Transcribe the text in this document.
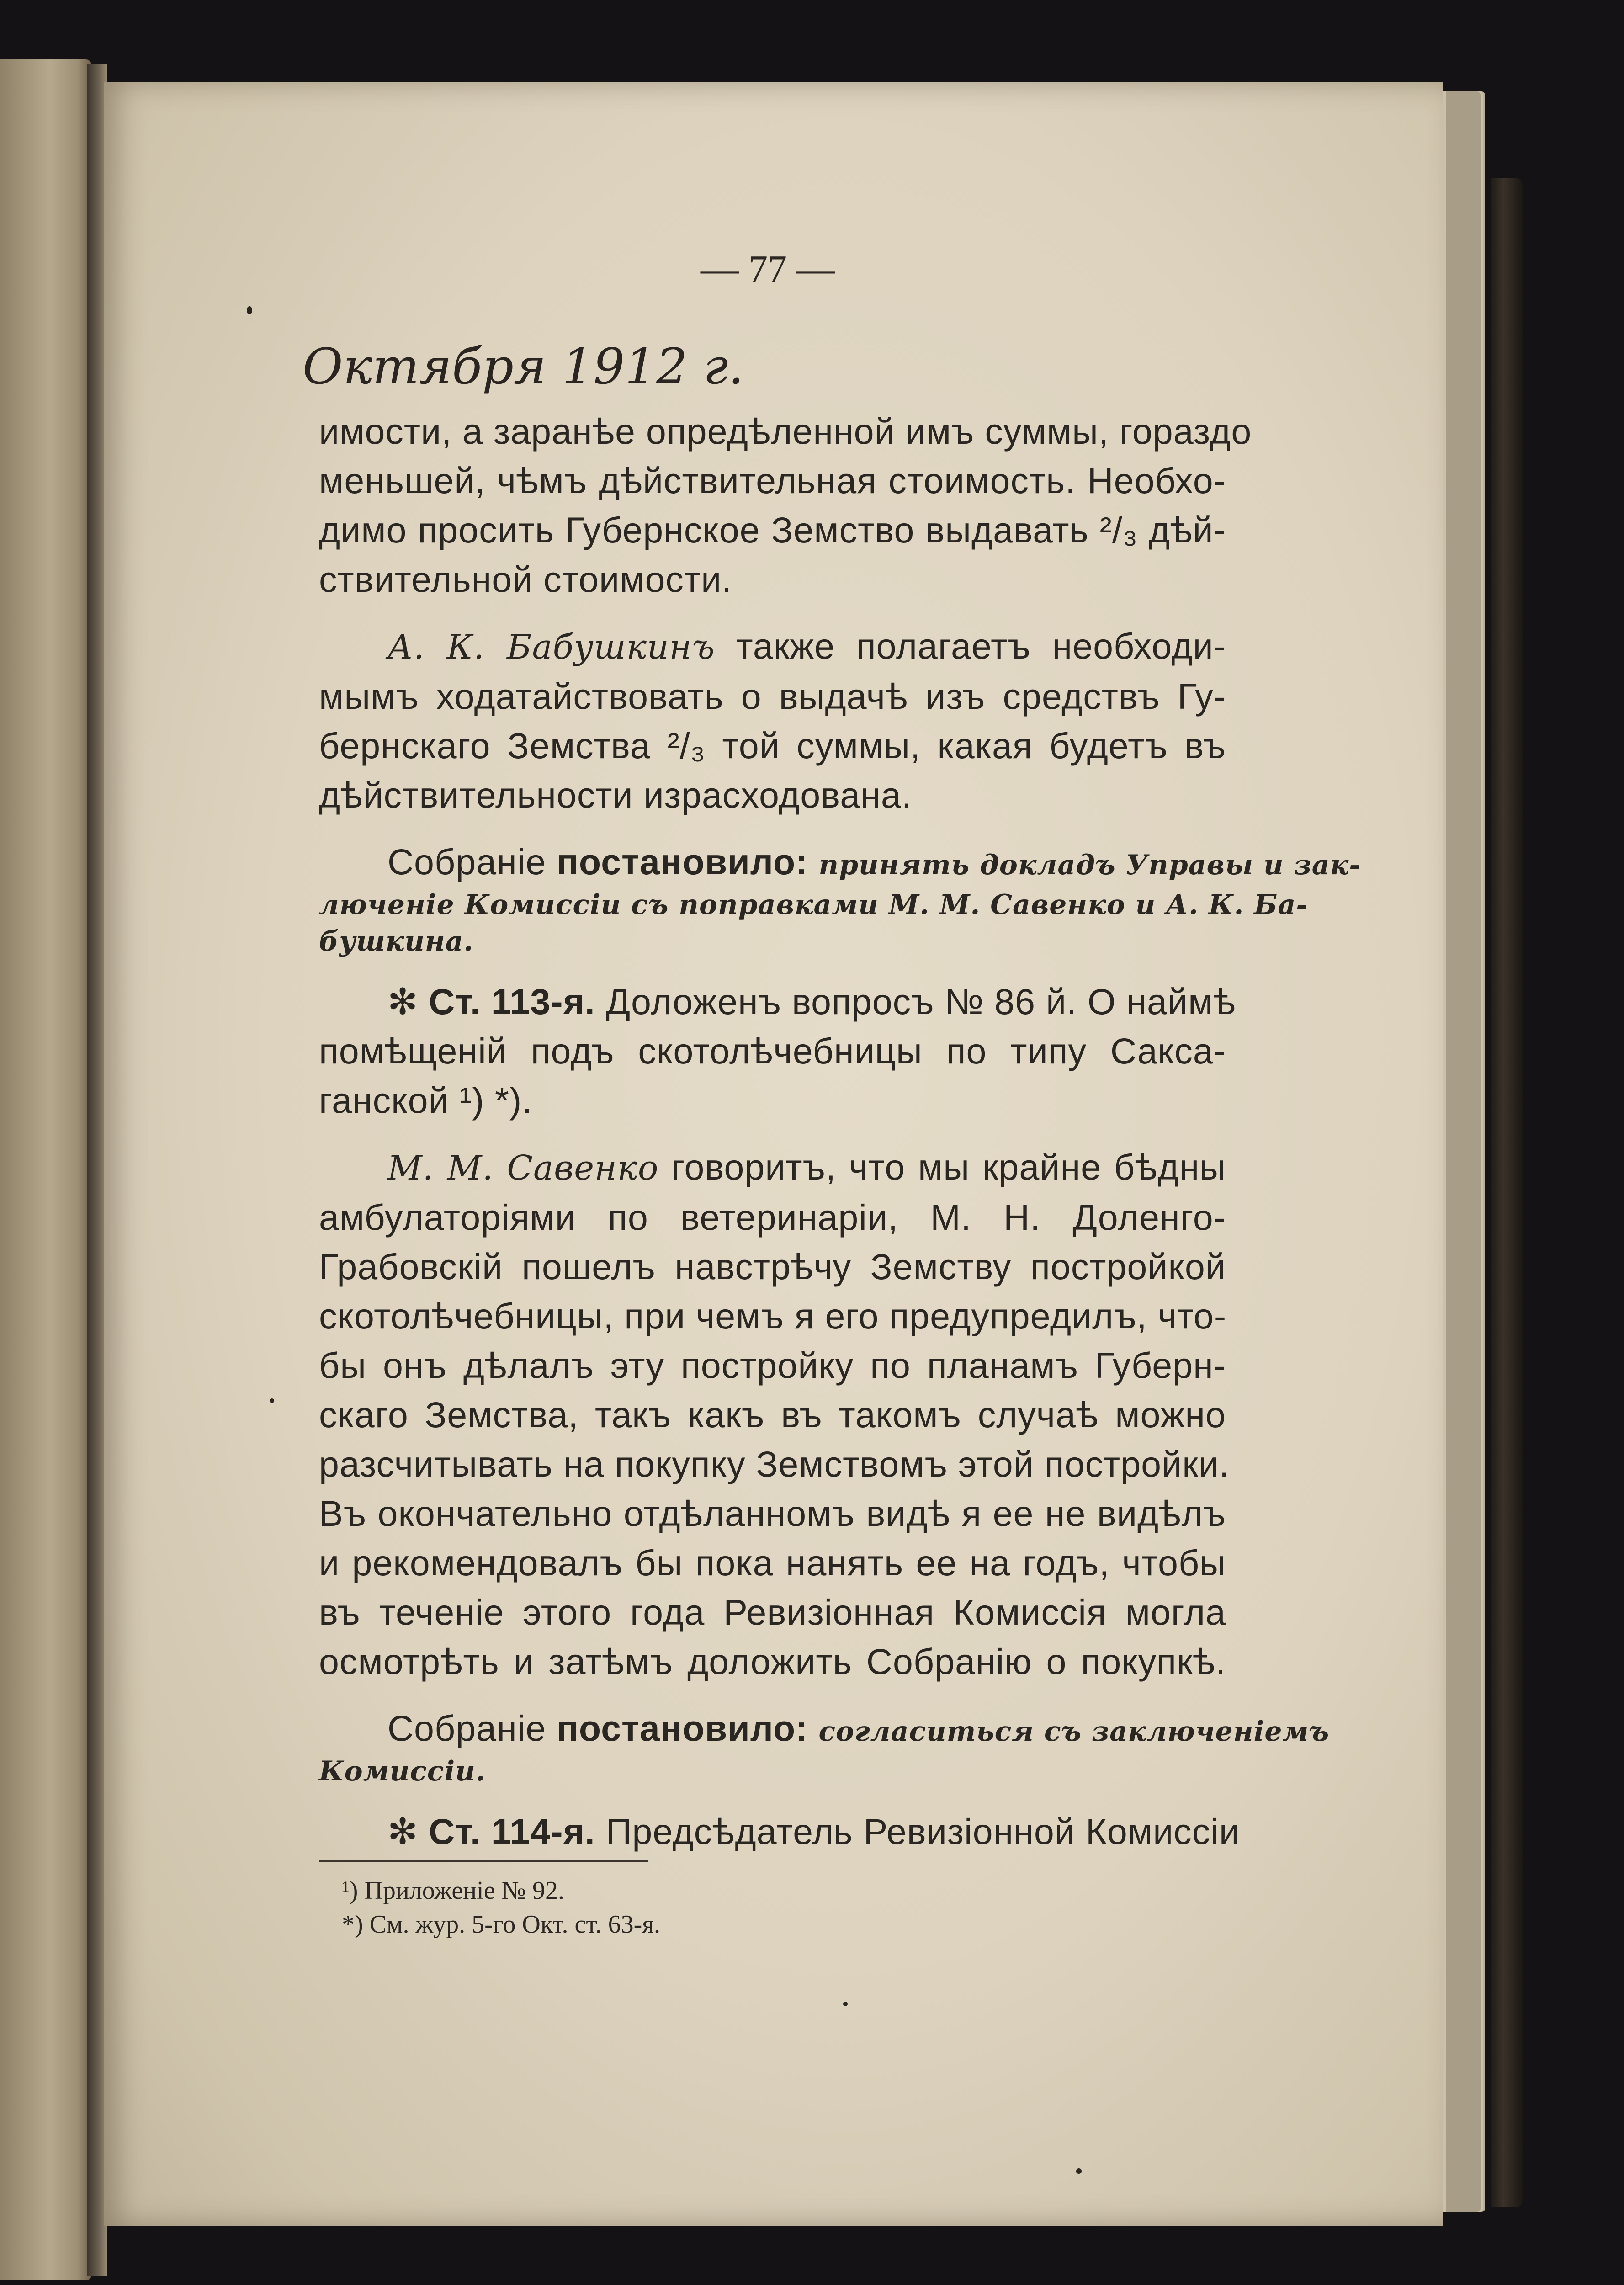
— 77 —
Октября 1912 г.
имости, а заранѣе опредѣленной имъ суммы, гораздо
меньшей, чѣмъ дѣйствительная стоимость. Необхо-
димо просить Губернское Земство выдавать ²/₃ дѣй-
ствительной стоимости.
А. К. Бабушкинъ также полагаетъ необходи-
мымъ ходатайствовать о выдачѣ изъ средствъ Гу-
бернскаго Земства ²/₃ той суммы, какая будетъ въ
дѣйствительности израсходована.
Собраніе постановило: принять докладъ Управы и зак-
люченіе Комиссіи съ поправками М. М. Савенко и А. К. Ба-
бушкина.
✻ Ст. 113-я. Доложенъ вопросъ № 86 й. О наймѣ
помѣщеній подъ скотолѣчебницы по типу Сакса-
ганской ¹) *).
М. М. Савенко говоритъ, что мы крайне бѣдны
амбулаторіями по ветеринаріи, М. Н. Доленго-
Грабовскій пошелъ навстрѣчу Земству постройкой
скотолѣчебницы, при чемъ я его предупредилъ, что-
бы онъ дѣлалъ эту постройку по планамъ Губерн-
скаго Земства, такъ какъ въ такомъ случаѣ можно
разсчитывать на покупку Земствомъ этой постройки.
Въ окончательно отдѣланномъ видѣ я ее не видѣлъ
и рекомендовалъ бы пока нанять ее на годъ, чтобы
въ теченіе этого года Ревизіонная Комиссія могла
осмотрѣть и затѣмъ доложить Собранію о покупкѣ.
Собраніе постановило: согласиться съ заключеніемъ
Комиссіи.
✻ Ст. 114-я. Предсѣдатель Ревизіонной Комиссіи
¹) Приложеніе № 92.
*) См. жур. 5-го Окт. ст. 63-я.
